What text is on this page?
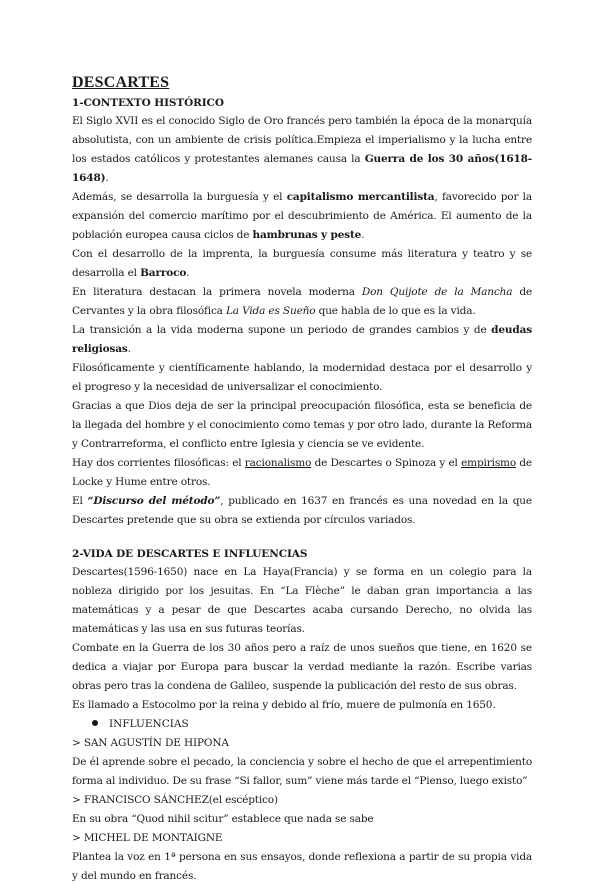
DESCARTES
1-CONTEXTO HISTÓRICO

El Siglo XVII es el conocido Siglo de Oro francés pero también la época de la monarquía absolutista, con un ambiente de crisis política.Empieza el imperialismo y la lucha entre los estados católicos y protestantes alemanes causa la Guerra de los 30 años(1618-1648).

Además, se desarrolla la burguesía y el capitalismo mercantilista, favorecido por la expansión del comercio marítimo por el descubrimiento de América. El aumento de la población europea causa ciclos de hambrunas y peste.

Con el desarrollo de la imprenta, la burguesía consume más literatura y teatro y se desarrolla el Barroco.

En literatura destacan la primera novela moderna Don Quijote de la Mancha de Cervantes y la obra filosófica La Vida es Sueño que habla de lo que es la vida.

La transición a la vida moderna supone un periodo de grandes cambios y de deudas religiosas.

Filosóficamente y científicamente hablando, la modernidad destaca por el desarrollo y el progreso y la necesidad de universalizar el conocimiento.

Gracias a que Dios deja de ser la principal preocupación filosófica, esta se beneficia de la llegada del hombre y el conocimiento como temas y por otro lado, durante la Reforma y Contrarreforma, el conflicto entre Iglesia y ciencia se ve evidente.

Hay dos corrientes filosóficas: el racionalismo de Descartes o Spinoza y el empirismo de Locke y Hume entre otros.

El “Discurso del método”, publicado en 1637 en francés es una novedad en la que Descartes pretende que su obra se extienda por círculos variados.

2-VIDA DE DESCARTES E INFLUENCIAS

Descartes(1596-1650) nace en La Haya(Francia) y se forma en un colegio para la nobleza dirigido por los jesuitas. En “La Flèche” le daban gran importancia a las matemáticas y a pesar de que Descartes acaba cursando Derecho, no olvida las matemáticas y las usa en sus futuras teorías.

Combate en la Guerra de los 30 años pero a raíz de unos sueños que tiene, en 1620 se dedica a viajar por Europa para buscar la verdad mediante la razón. Escribe varias obras pero tras la condena de Galileo, suspende la publicación del resto de sus obras.

Es llamado a Estocolmo por la reina y debido al frío, muere de pulmonía en 1650.

INFLUENCIAS

> SAN AGUSTÍN DE HIPONA

De él aprende sobre el pecado, la conciencia y sobre el hecho de que el arrepentimiento forma al individuo. De su frase “Si fallor, sum” viene más tarde el “Pienso, luego existo”

> FRANCISCO SÁNCHEZ(el escéptico)

En su obra “Quod nihil scitur” establece que nada se sabe

> MICHEL DE MONTAIGNE

Plantea la voz en 1ª persona en sus ensayos, donde reflexiona a partir de su propia vida y del mundo en francés.
